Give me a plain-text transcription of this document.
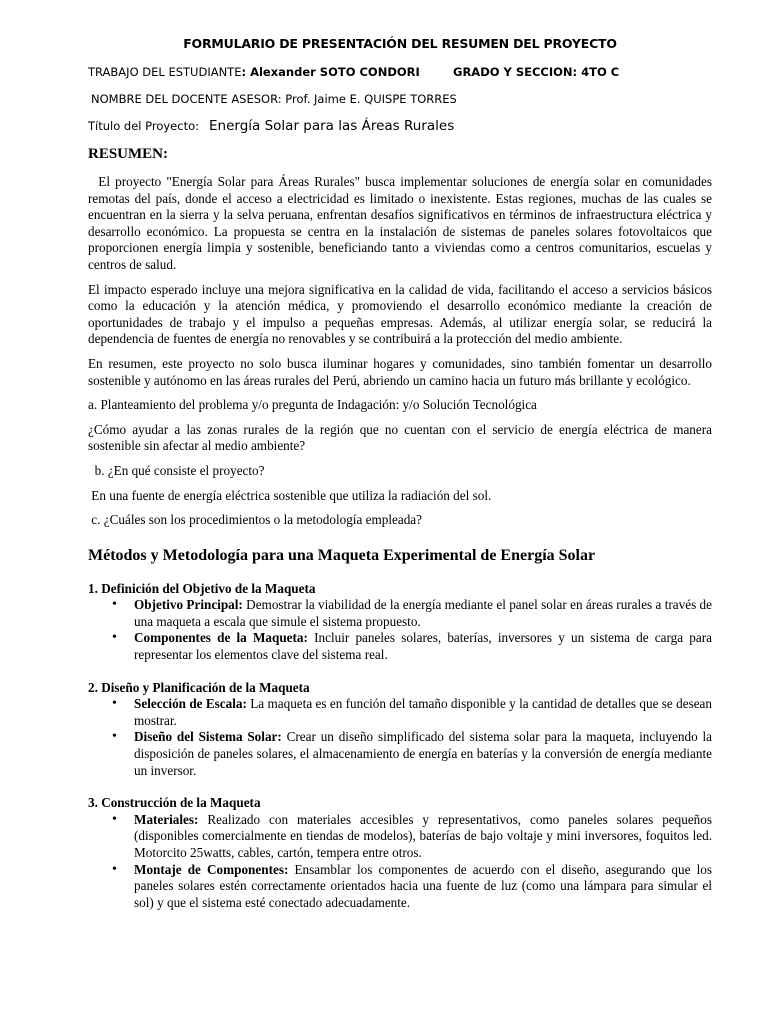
FORMULARIO DE PRESENTACIÓN DEL RESUMEN DEL PROYECTO
TRABAJO DEL ESTUDIANTE: Alexander SOTO CONDORI	GRADO Y SECCION: 4TO C
NOMBRE DEL DOCENTE ASESOR: Prof. Jaime E. QUISPE TORRES
Título del Proyecto: Energía Solar para las Áreas Rurales

RESUMEN:

El proyecto "Energía Solar para Áreas Rurales" busca implementar soluciones de energía solar en comunidades remotas del país, donde el acceso a electricidad es limitado o inexistente. Estas regiones, muchas de las cuales se encuentran en la sierra y la selva peruana, enfrentan desafíos significativos en términos de infraestructura eléctrica y desarrollo económico. La propuesta se centra en la instalación de sistemas de paneles solares fotovoltaicos que proporcionen energía limpia y sostenible, beneficiando tanto a viviendas como a centros comunitarios, escuelas y centros de salud.

El impacto esperado incluye una mejora significativa en la calidad de vida, facilitando el acceso a servicios básicos como la educación y la atención médica, y promoviendo el desarrollo económico mediante la creación de oportunidades de trabajo y el impulso a pequeñas empresas. Además, al utilizar energía solar, se reducirá la dependencia de fuentes de energía no renovables y se contribuirá a la protección del medio ambiente.

En resumen, este proyecto no solo busca iluminar hogares y comunidades, sino también fomentar un desarrollo sostenible y autónomo en las áreas rurales del Perú, abriendo un camino hacia un futuro más brillante y ecológico.

a. Planteamiento del problema y/o pregunta de Indagación: y/o Solución Tecnológica

¿Cómo ayudar a las zonas rurales de la región que no cuentan con el servicio de energía eléctrica de manera sostenible sin afectar al medio ambiente?

b. ¿En qué consiste el proyecto?

En una fuente de energía eléctrica sostenible que utiliza la radiación del sol.

c. ¿Cuáles son los procedimientos o la metodología empleada?

Métodos y Metodología para una Maqueta Experimental de Energía Solar

1. Definición del Objetivo de la Maqueta

• Objetivo Principal: Demostrar la viabilidad de la energía mediante el panel solar en áreas rurales a través de una maqueta a escala que simule el sistema propuesto.
• Componentes de la Maqueta: Incluir paneles solares, baterías, inversores y un sistema de carga para representar los elementos clave del sistema real.

2. Diseño y Planificación de la Maqueta

• Selección de Escala: La maqueta es en función del tamaño disponible y la cantidad de detalles que se desean mostrar.
• Diseño del Sistema Solar: Crear un diseño simplificado del sistema solar para la maqueta, incluyendo la disposición de paneles solares, el almacenamiento de energía en baterías y la conversión de energía mediante un inversor.

3. Construcción de la Maqueta

• Materiales: Realizado con materiales accesibles y representativos, como paneles solares pequeños (disponibles comercialmente en tiendas de modelos), baterías de bajo voltaje y mini inversores, foquitos led. Motorcito 25watts, cables, cartón, tempera entre otros.
• Montaje de Componentes: Ensamblar los componentes de acuerdo con el diseño, asegurando que los paneles solares estén correctamente orientados hacia una fuente de luz (como una lámpara para simular el sol) y que el sistema esté conectado adecuadamente.
